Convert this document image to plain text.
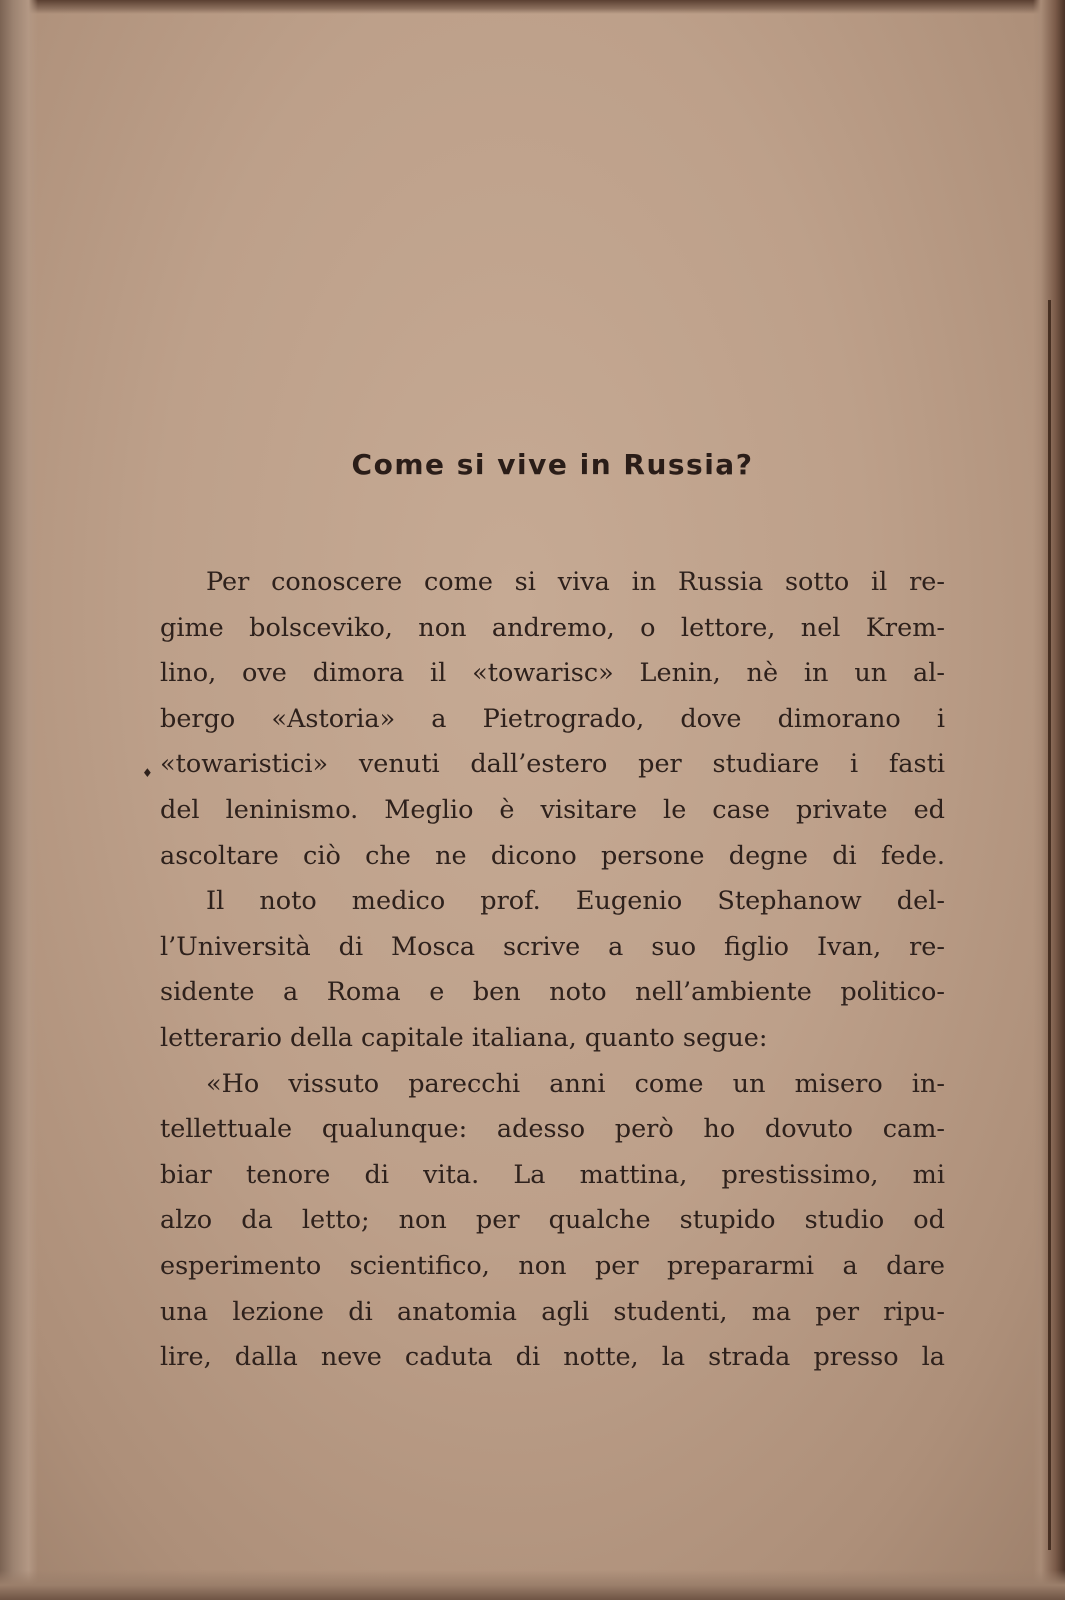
Come si vive in Russia?
♦
Per conoscere come si viva in Russia sotto il re-
gime bolsceviko, non andremo, o lettore, nel Krem-
lino, ove dimora il «towarisc» Lenin, nè in un al-
bergo «Astoria» a Pietrogrado, dove dimorano i
«towaristici» venuti dall’estero per studiare i fasti
del leninismo. Meglio è visitare le case private ed
ascoltare ciò che ne dicono persone degne di fede.
Il noto medico prof. Eugenio Stephanow del-
l’Università di Mosca scrive a suo figlio Ivan, re-
sidente a Roma e ben noto nell’ambiente politico-
letterario della capitale italiana, quanto segue:
«Ho vissuto parecchi anni come un misero in-
tellettuale qualunque: adesso però ho dovuto cam-
biar tenore di vita. La mattina, prestissimo, mi
alzo da letto; non per qualche stupido studio od
esperimento scientifico, non per prepararmi a dare
una lezione di anatomia agli studenti, ma per ripu-
lire, dalla neve caduta di notte, la strada presso la
